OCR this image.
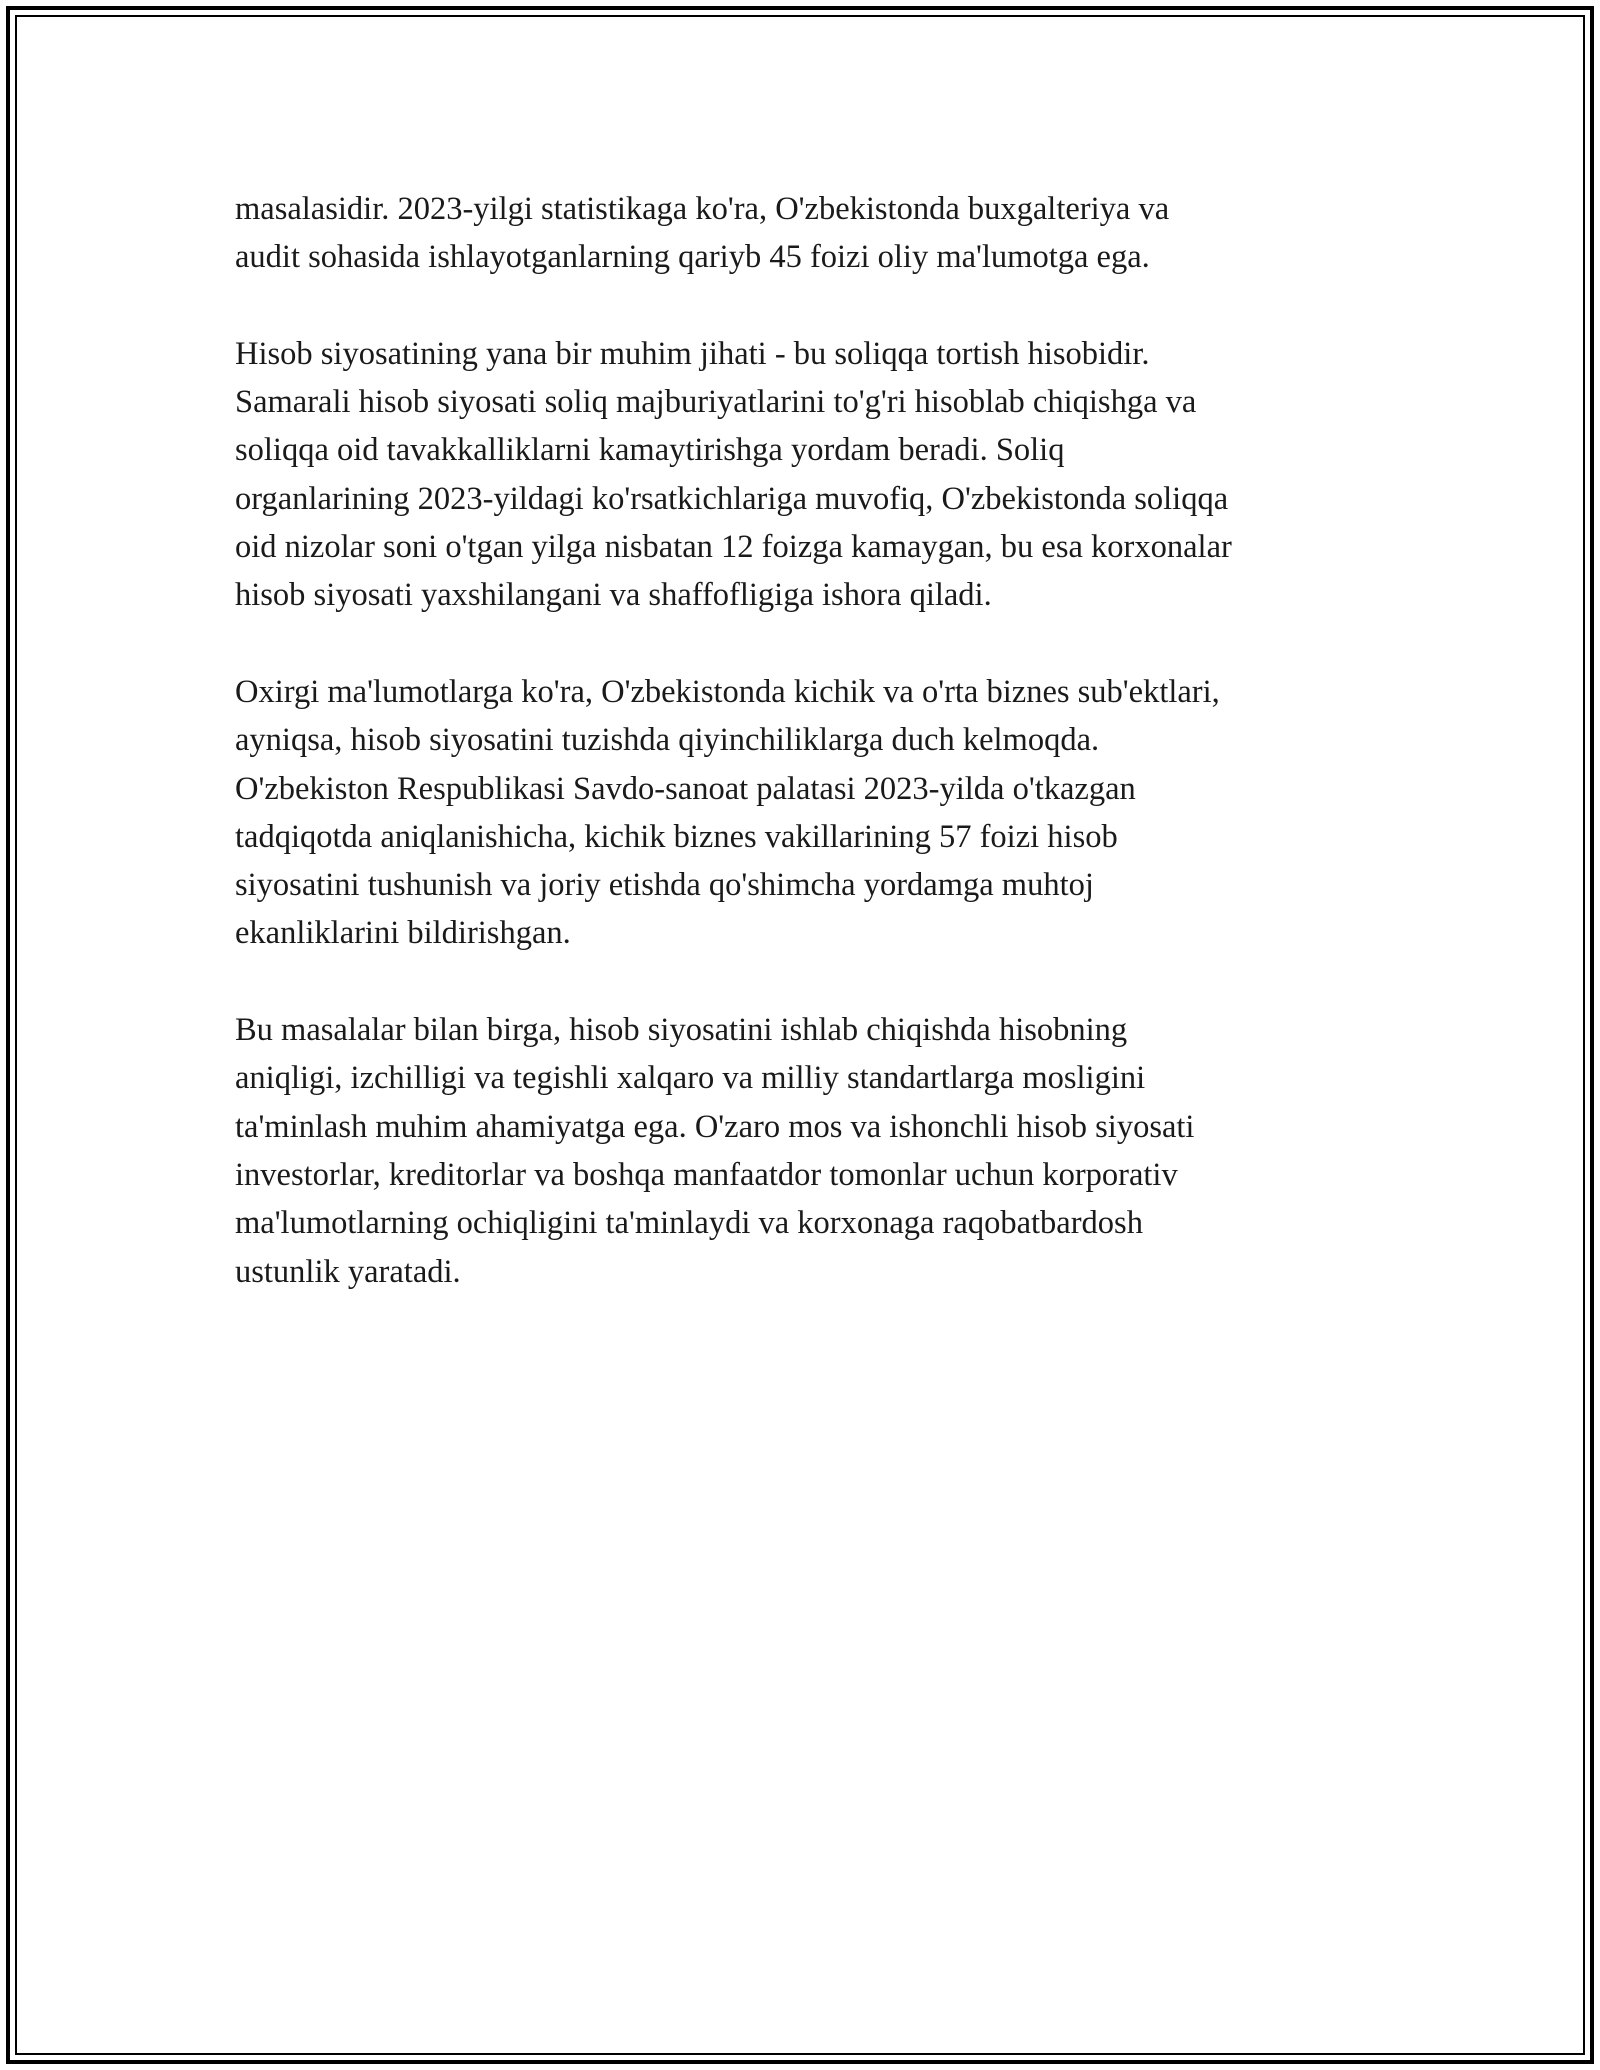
masalasidir. 2023-yilgi statistikaga ko'ra, O'zbekistonda buxgalteriya va
audit sohasida ishlayotganlarning qariyb 45 foizi oliy ma'lumotga ega.

Hisob siyosatining yana bir muhim jihati - bu soliqqa tortish hisobidir.
Samarali hisob siyosati soliq majburiyatlarini to'g'ri hisoblab chiqishga va
soliqqa oid tavakkalliklarni kamaytirishga yordam beradi. Soliq
organlarining 2023-yildagi ko'rsatkichlariga muvofiq, O'zbekistonda soliqqa
oid nizolar soni o'tgan yilga nisbatan 12 foizga kamaygan, bu esa korxonalar
hisob siyosati yaxshilangani va shaffofligiga ishora qiladi.

Oxirgi ma'lumotlarga ko'ra, O'zbekistonda kichik va o'rta biznes sub'ektlari,
ayniqsa, hisob siyosatini tuzishda qiyinchiliklarga duch kelmoqda.
O'zbekiston Respublikasi Savdo-sanoat palatasi 2023-yilda o'tkazgan
tadqiqotda aniqlanishicha, kichik biznes vakillarining 57 foizi hisob
siyosatini tushunish va joriy etishda qo'shimcha yordamga muhtoj
ekanliklarini bildirishgan.

Bu masalalar bilan birga, hisob siyosatini ishlab chiqishda hisobning
aniqligi, izchilligi va tegishli xalqaro va milliy standartlarga mosligini
ta'minlash muhim ahamiyatga ega. O'zaro mos va ishonchli hisob siyosati
investorlar, kreditorlar va boshqa manfaatdor tomonlar uchun korporativ
ma'lumotlarning ochiqligini ta'minlaydi va korxonaga raqobatbardosh
ustunlik yaratadi.
